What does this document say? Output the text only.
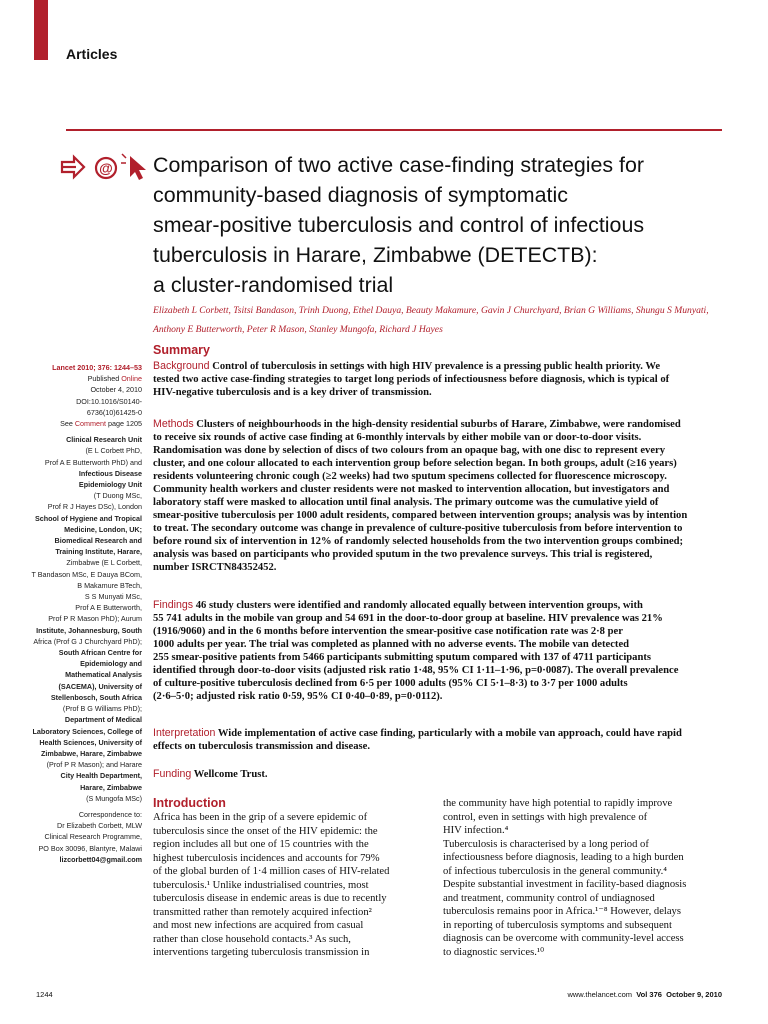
Articles
@ Comparison of two active case-finding strategies for
community-based diagnosis of symptomatic
smear-positive tuberculosis and control of infectious
tuberculosis in Harare, Zimbabwe (DETECTB):
a cluster-randomised trial
Elizabeth L Corbett, Tsitsi Bandason, Trinh Duong, Ethel Dauya, Beauty Makamure, Gavin J Churchyard, Brian G Williams, Shungu S Munyati,
Anthony E Butterworth, Peter R Mason, Stanley Mungofa, Richard J Hayes
Lancet 2010; 376: 1244–53
Published Online
October 4, 2010
DOI:10.1016/S0140-
6736(10)61425-0
See Comment page 1205
Clinical Research Unit
(E L Corbett PhD,
Prof A E Butterworth PhD) and
Infectious Disease
Epidemiology Unit
(T Duong MSc,
Prof R J Hayes DSc), London
School of Hygiene and Tropical
Medicine, London, UK;
Biomedical Research and
Training Institute, Harare,
Zimbabwe (E L Corbett,
T Bandason MSc, E Dauya BCom,
B Makamure BTech,
S S Munyati MSc,
Prof A E Butterworth,
Prof P R Mason PhD); Aurum
Institute, Johannesburg, South
Africa (Prof G J Churchyard PhD);
South African Centre for
Epidemiology and
Mathematical Analysis
(SACEMA), University of
Stellenbosch, South Africa
(Prof B G Williams PhD);
Department of Medical
Laboratory Sciences, College of
Health Sciences, University of
Zimbabwe, Harare, Zimbabwe
(Prof P R Mason); and Harare
City Health Department,
Harare, Zimbabwe
(S Mungofa MSc)
Correspondence to:
Dr Elizabeth Corbett, MLW
Clinical Research Programme,
PO Box 30096, Blantyre, Malawi
lizcorbett04@gmail.com
Summary
Background Control of tuberculosis in settings with high HIV prevalence is a pressing public health priority. We
tested two active case-finding strategies to target long periods of infectiousness before diagnosis, which is typical of
HIV-negative tuberculosis and is a key driver of transmission.
Methods Clusters of neighbourhoods in the high-density residential suburbs of Harare, Zimbabwe, were randomised
to receive six rounds of active case finding at 6-monthly intervals by either mobile van or door-to-door visits.
Randomisation was done by selection of discs of two colours from an opaque bag, with one disc to represent every
cluster, and one colour allocated to each intervention group before selection began. In both groups, adult (≥16 years)
residents volunteering chronic cough (≥2 weeks) had two sputum specimens collected for fluorescence microscopy.
Community health workers and cluster residents were not masked to intervention allocation, but investigators and
laboratory staff were masked to allocation until final analysis. The primary outcome was the cumulative yield of
smear-positive tuberculosis per 1000 adult residents, compared between intervention groups; analysis was by intention
to treat. The secondary outcome was change in prevalence of culture-positive tuberculosis from before intervention to
before round six of intervention in 12% of randomly selected households from the two intervention groups combined;
analysis was based on participants who provided sputum in the two prevalence surveys. This trial is registered,
number ISRCTN84352452.
Findings 46 study clusters were identified and randomly allocated equally between intervention groups, with
55 741 adults in the mobile van group and 54 691 in the door-to-door group at baseline. HIV prevalence was 21%
(1916/9060) and in the 6 months before intervention the smear-positive case notification rate was 2·8 per
1000 adults per year. The trial was completed as planned with no adverse events. The mobile van detected
255 smear-positive patients from 5466 participants submitting sputum compared with 137 of 4711 participants
identified through door-to-door visits (adjusted risk ratio 1·48, 95% CI 1·11–1·96, p=0·0087). The overall prevalence
of culture-positive tuberculosis declined from 6·5 per 1000 adults (95% CI 5·1–8·3) to 3·7 per 1000 adults
(2·6–5·0; adjusted risk ratio 0·59, 95% CI 0·40–0·89, p=0·0112).
Interpretation Wide implementation of active case finding, particularly with a mobile van approach, could have rapid
effects on tuberculosis transmission and disease.
Funding Wellcome Trust.
Introduction
Africa has been in the grip of a severe epidemic of
tuberculosis since the onset of the HIV epidemic: the
region includes all but one of 15 countries with the
highest tuberculosis incidences and accounts for 79%
of the global burden of 1·4 million cases of HIV-related
tuberculosis.¹ Unlike industrialised countries, most
tuberculosis disease in endemic areas is due to recently
transmitted rather than remotely acquired infection²
and most new infections are acquired from casual
rather than close household contacts.³ As such,
interventions targeting tuberculosis transmission in
the community have high potential to rapidly improve
control, even in settings with high prevalence of
HIV infection.⁴
Tuberculosis is characterised by a long period of
infectiousness before diagnosis, leading to a high burden
of infectious tuberculosis in the general community.⁴
Despite substantial investment in facility-based diagnosis
and treatment, community control of undiagnosed
tuberculosis remains poor in Africa.¹⁻⁸ However, delays
in reporting of tuberculosis symptoms and subsequent
diagnosis can be overcome with community-level access
to diagnostic services.¹⁰
1244	www.thelancet.com Vol 376 October 9, 2010
